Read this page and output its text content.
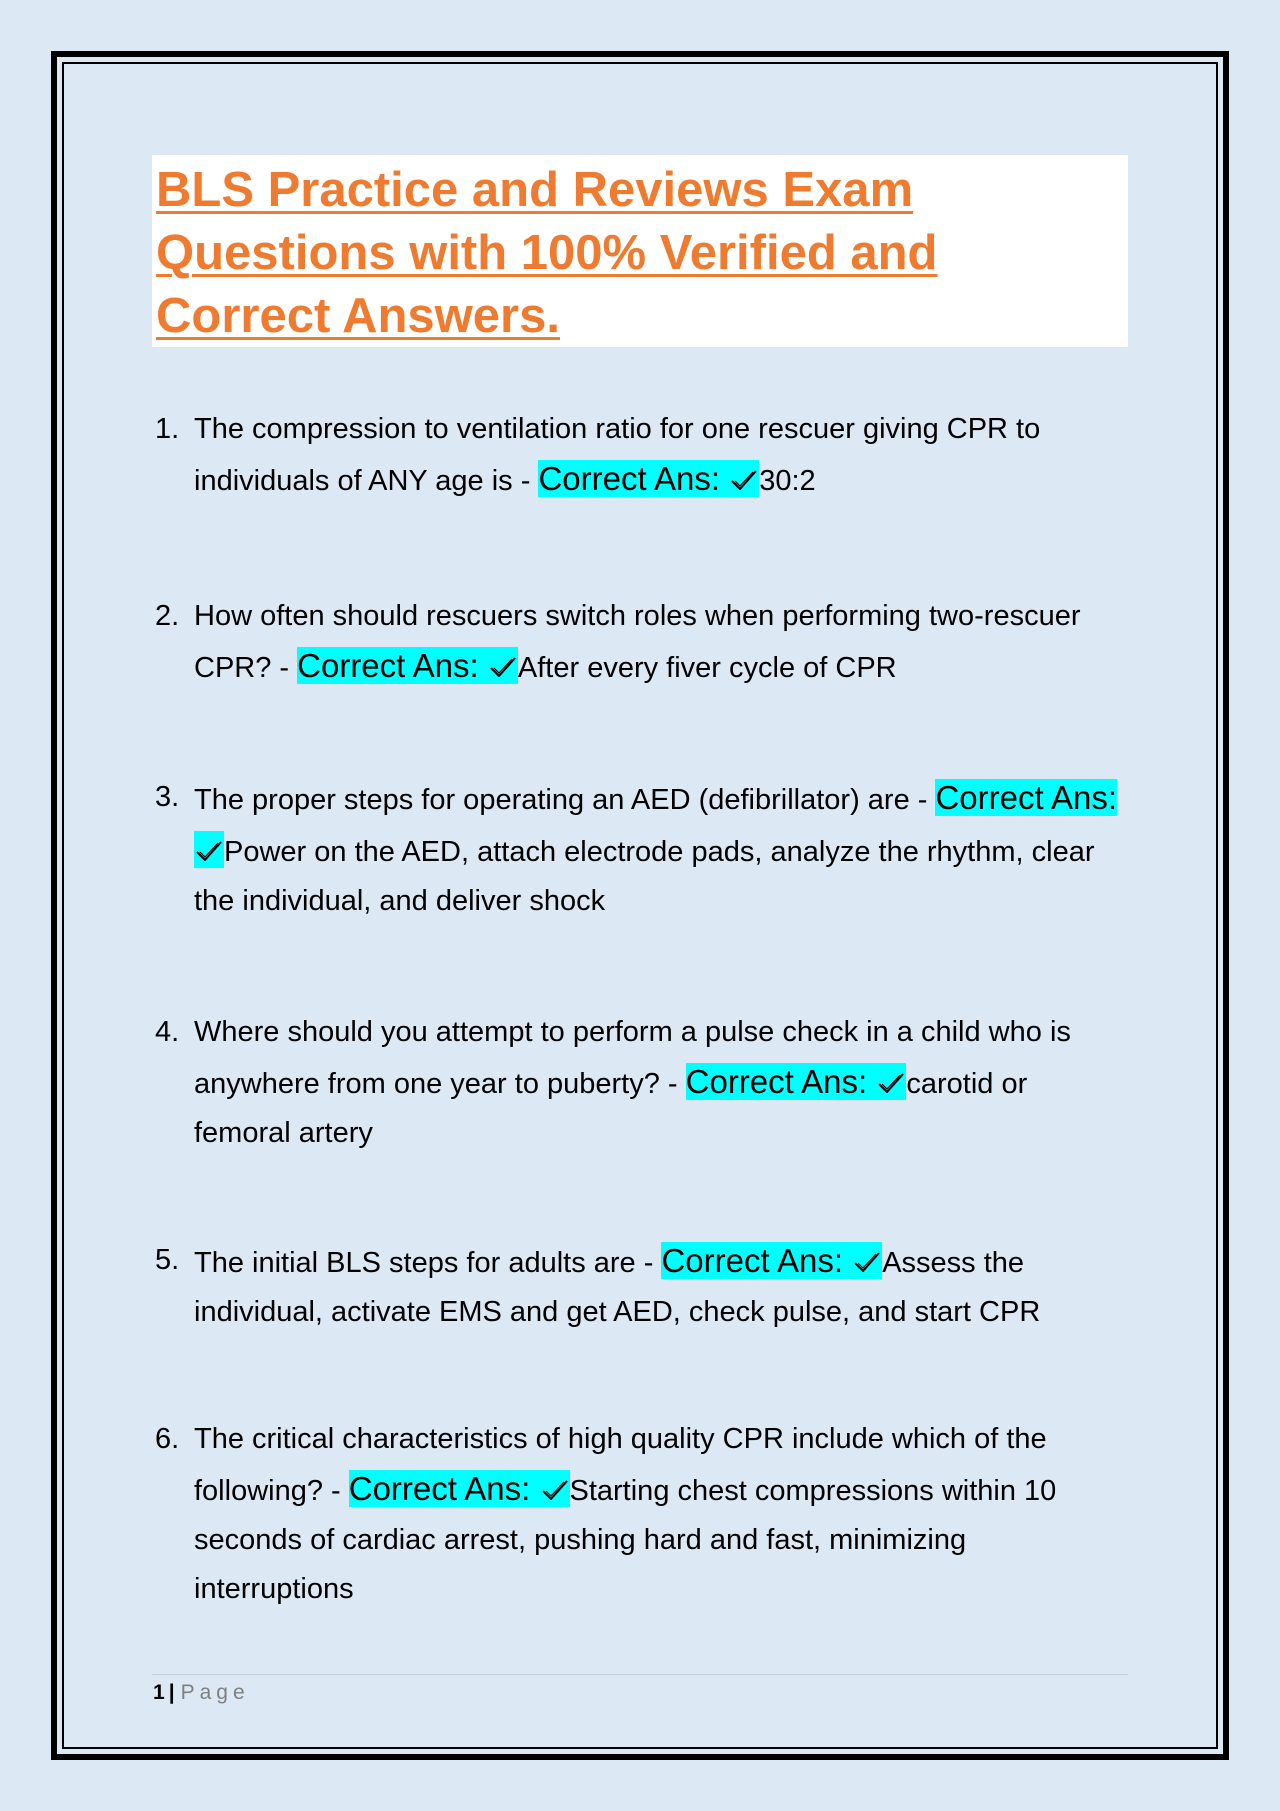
BLS Practice and Reviews Exam Questions with 100% Verified and Correct Answers.
1. The compression to ventilation ratio for one rescuer giving CPR to individuals of ANY age is - Correct Ans: 30:2
2. How often should rescuers switch roles when performing two-rescuer CPR? - Correct Ans: After every fiver cycle of CPR
3. The proper steps for operating an AED (defibrillator) are - Correct Ans: Power on the AED, attach electrode pads, analyze the rhythm, clear the individual, and deliver shock
4. Where should you attempt to perform a pulse check in a child who is anywhere from one year to puberty? - Correct Ans: carotid or femoral artery
5. The initial BLS steps for adults are - Correct Ans: Assess the individual, activate EMS and get AED, check pulse, and start CPR
6. The critical characteristics of high quality CPR include which of the following? - Correct Ans: Starting chest compressions within 10 seconds of cardiac arrest, pushing hard and fast, minimizing interruptions
1 | Page
